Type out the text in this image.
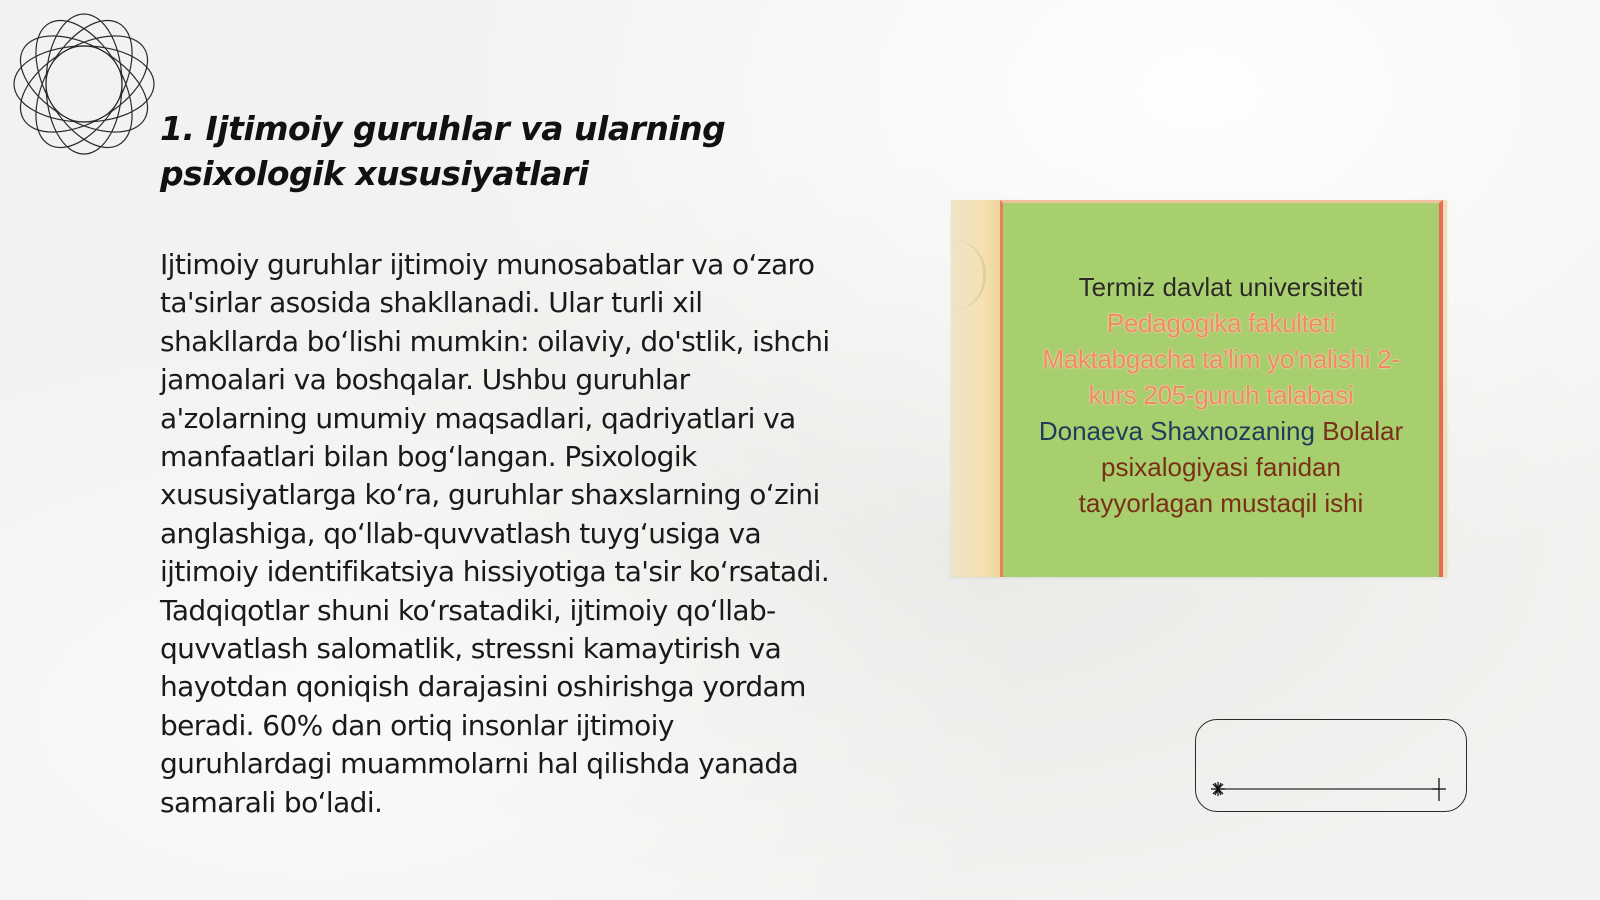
1. Ijtimoiy guruhlar va ularning
psixologik xususiyatlari

Ijtimoiy guruhlar ijtimoiy munosabatlar va o‘zaro ta'sirlar asosida shakllanadi. Ular turli xil shakllarda bo‘lishi mumkin: oilaviy, do'stlik, ishchi jamoalari va boshqalar. Ushbu guruhlar a'zolarning umumiy maqsadlari, qadriyatlari va manfaatlari bilan bog‘langan. Psixologik xususiyatlarga ko‘ra, guruhlar shaxslarning o‘zini anglashiga, qo‘llab-quvvatlash tuyg‘usiga va ijtimoiy identifikatsiya hissiyotiga ta'sir ko‘rsatadi. Tadqiqotlar shuni ko‘rsatadiki, ijtimoiy qo‘llab-quvvatlash salomatlik, stressni kamaytirish va hayotdan qoniqish darajasini oshirishga yordam beradi. 60% dan ortiq insonlar ijtimoiy guruhlardagi muammolarni hal qilishda yanada samarali bo‘ladi.

Termiz davlat universiteti
Pedagogika fakulteti
Maktabgacha ta'lim yo'nalishi 2-
kurs 205-guruh talabasi
Donaeva Shaxnozaning Bolalar
psixalogiyasi fanidan
tayyorlagan mustaqil ishi
